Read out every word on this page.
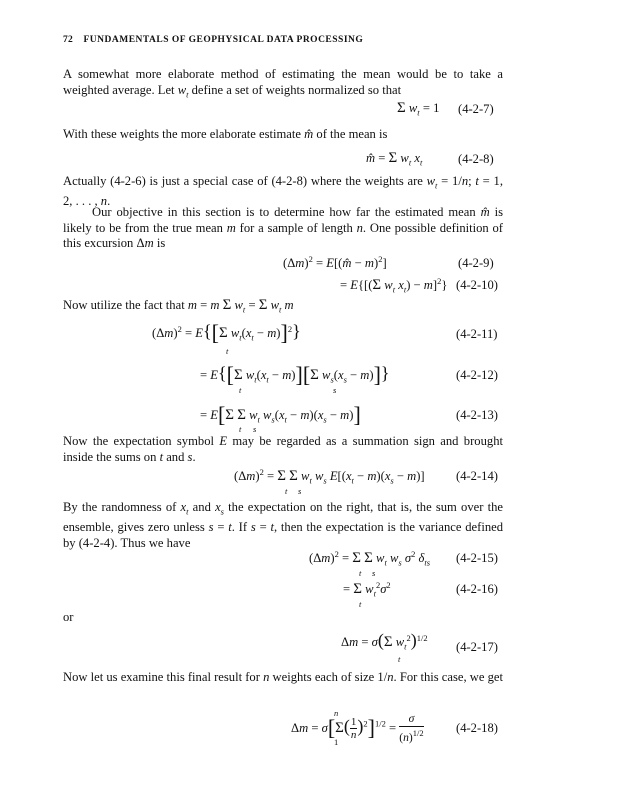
72 FUNDAMENTALS OF GEOPHYSICAL DATA PROCESSING
A somewhat more elaborate method of estimating the mean would be to take a weighted average. Let $w_t$ define a set of weights normalized so that
Σ $w_t = 1$ (4-2-7)
With these weights the more elaborate estimate m̂ of the mean is
m̂ = Σ $w_t$ $x_t$	(4-2-8)
Actually (4-2-6) is just a special case of (4-2-8) where the weights are $w_t = 1/n$; t = 1, 2, . . . , n.
Our objective in this section is to determine how far the estimated mean m̂ is likely to be from the true mean m for a sample of length n. One possible definition of this excursion Δm is
$(\Delta m)^2$ = E[(m̂ − m)$^2$]	(4-2-9)
= E{[(Σ $w_t$ $x_t) - m]^2$} (4-2-10)
Now utilize the fact that m = m Σ $w_t = \Sigma$ $w_t$ m
$(\Delta m)^2 = E\{[\Sigma$ $w_t(x_t - m)]^2$}
t
(4-2-11)
= E{[Σ $w_t(x_t - m)][\Sigma$ $w_s(x_s - m)$]}
t	s
(4-2-12)
= E[Σ Σ $w_t$ $w_s(x_t - m)(x_s - m)$]
t s
(4-2-13)
Now the expectation symbol E may be regarded as a summation sign and brought inside the sums on t and s.
$(\Delta m)^2 = \Sigma$ Σ $w_t$ $w_s$ $E[(x_t - m)(x_s - m)]$
t s
(4-2-14)
By the randomness of $x_t$ and $x_s$ the expectation on the right, that is, the sum over the ensemble, gives zero unless s = t. If s = t, then the expectation is the variance defined by (4-2-4). Thus we have
$(\Delta m)^2 = \Sigma$ Σ $w_t$ $w_s$ $\sigma^2$ $\delta_{ts}$
t s
(4-2-15)
= Σ $w_t^2\sigma^2$
t
(4-2-16)
or
Δm = σ(Σ $w_t^2)^{1/2}$
t
(4-2-17)
Now let us examine this final result for n weights each of size 1/n. For this case, we get
$\Delta m = \sigma[\Sigma( \frac{1}{n} )^2]^{1/2} = \frac{\sigma}{(n)^{1/2}}$
n
1
(4-2-18)
